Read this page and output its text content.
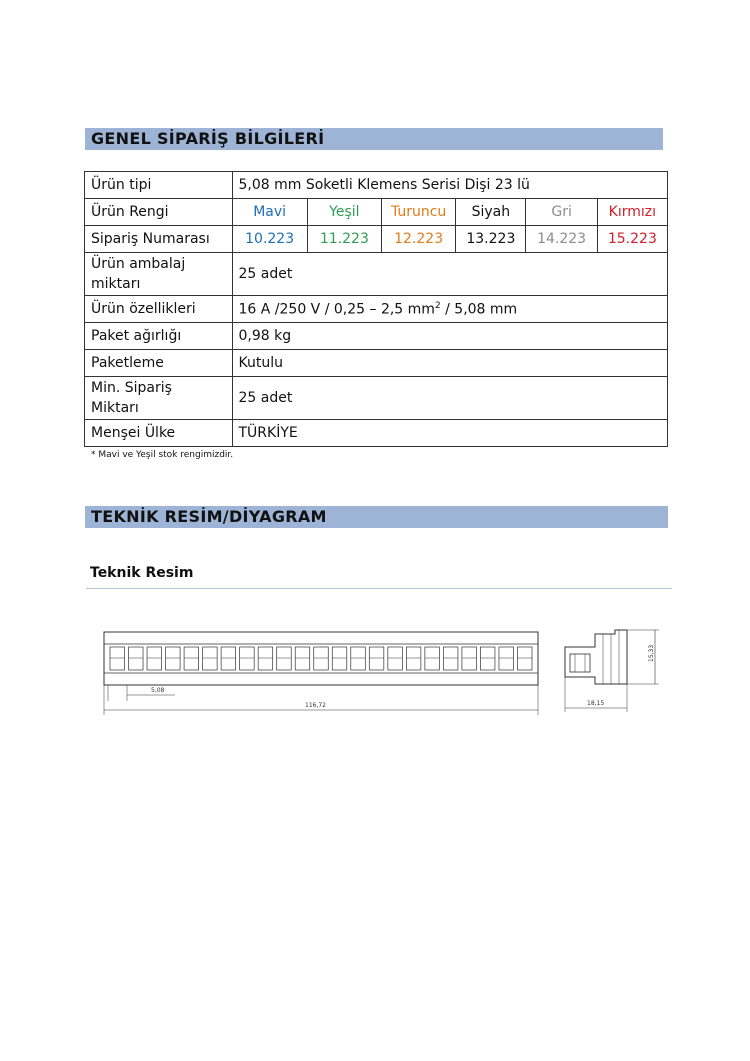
GENEL SİPARİŞ BİLGİLERİ
Ürün tipi	5,08 mm Soketli Klemens Serisi Dişi 23 lü					
Ürün Rengi	Mavi	Yeşil	Turuncu	Siyah	Gri	Kırmızı
Sipariş Numarası	10.223	11.223	12.223	13.223	14.223	15.223
Ürün ambalaj
miktarı	25 adet					
Ürün özellikleri	16 A /250 V / 0,25 – 2,5 $mm^2 / 5,08$ mm					
Paket ağırlığı	0,98 kg					
Paketleme	Kutulu					
Min. Sipariş
Miktarı	25 adet					
Menşei Ülke	TÜRKİYE					
* Mavi ve Yeşil stok rengimizdir.
TEKNİK RESİM/DİYAGRAM
Teknik Resim
5,08
116,72
15,33
18,15
